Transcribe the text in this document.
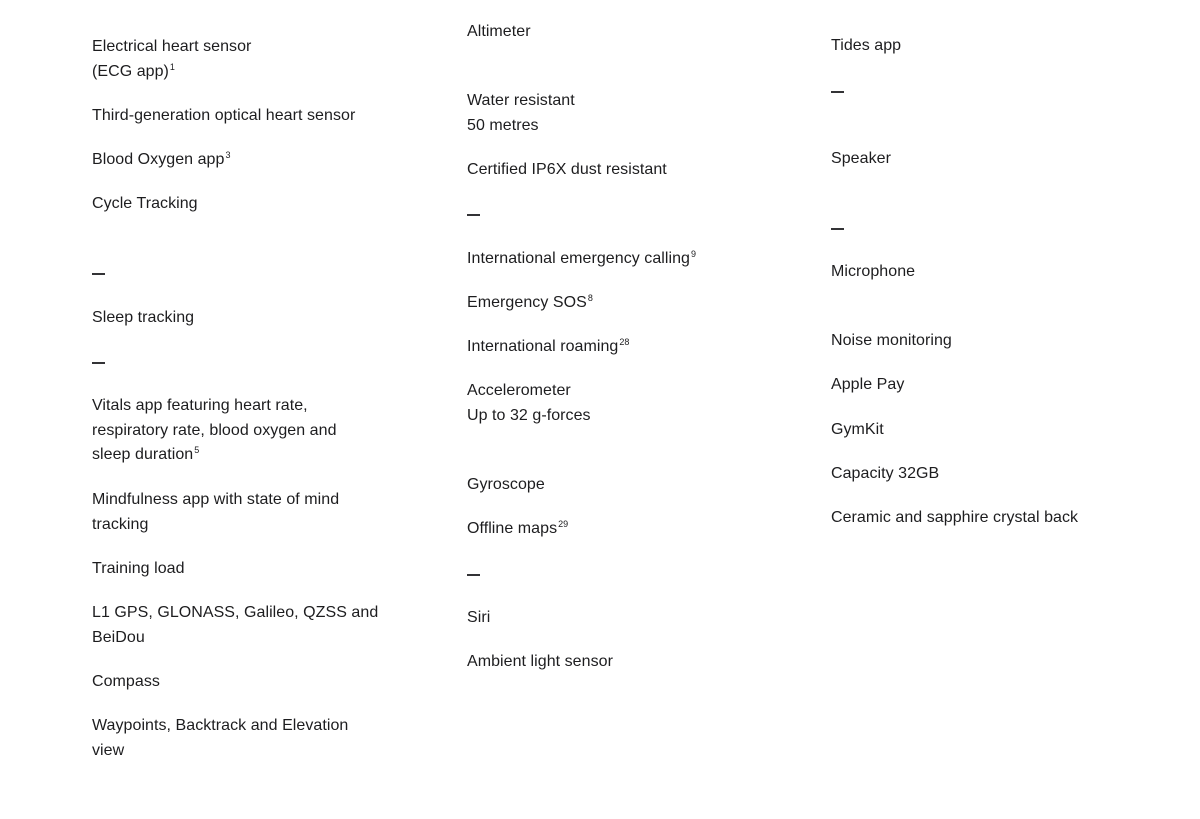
Electrical heart sensor
(ECG app)$^1$
Third-generation optical heart sensor
Blood Oxygen app$^3$
Cycle Tracking
Sleep tracking
Vitals app featuring heart rate,
respiratory rate, blood oxygen and
sleep duration$^5$
Mindfulness app with state of mind
tracking
Training load
L1 GPS, GLONASS, Galileo, QZSS and
BeiDou
Compass
Waypoints, Backtrack and Elevation
view
Altimeter
Water resistant
50 metres
Certified IP6X dust resistant
International emergency calling$^9$
Emergency SOS$^8$
International roaming$^{28}$
Accelerometer
Up to 32 g-forces
Gyroscope
Offline maps$^{29}$
Siri
Ambient light sensor
Tides app
Speaker
Microphone
Noise monitoring
Apple Pay
GymKit
Capacity 32GB
Ceramic and sapphire crystal back
